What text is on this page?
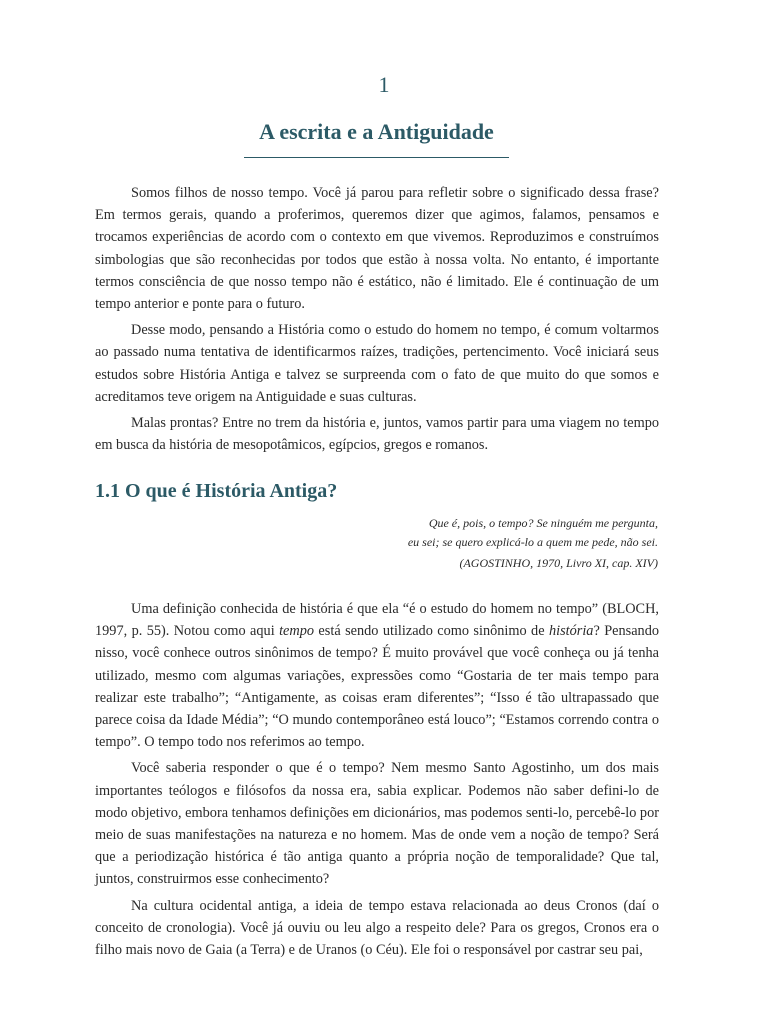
1
A escrita e a Antiguidade

Somos filhos de nosso tempo. Você já parou para refletir sobre o significado dessa frase? Em termos gerais, quando a proferimos, queremos dizer que agimos, falamos, pensamos e trocamos experiências de acordo com o contexto em que vivemos. Reproduzimos e construímos simbologias que são reconhecidas por todos que estão à nossa volta. No entanto, é importante termos consciência de que nosso tempo não é estático, não é limitado. Ele é continuação de um tempo anterior e ponte para o futuro.

Desse modo, pensando a História como o estudo do homem no tempo, é comum voltarmos ao passado numa tentativa de identificarmos raízes, tradições, pertencimento. Você iniciará seus estudos sobre História Antiga e talvez se surpreenda com o fato de que muito do que somos e acreditamos teve origem na Antiguidade e suas culturas.

Malas prontas? Entre no trem da história e, juntos, vamos partir para uma viagem no tempo em busca da história de mesopotâmicos, egípcios, gregos e romanos.

1.1 O que é História Antiga?
Que é, pois, o tempo? Se ninguém me pergunta,
eu sei; se quero explicá-lo a quem me pede, não sei.
(AGOSTINHO, 1970, Livro XI, cap. XIV)

Uma definição conhecida de história é que ela “é o estudo do homem no tempo” (BLOCH, 1997, p. 55). Notou como aqui tempo está sendo utilizado como sinônimo de história? Pensando nisso, você conhece outros sinônimos de tempo? É muito provável que você conheça ou já tenha utilizado, mesmo com algumas variações, expressões como “Gostaria de ter mais tempo para realizar este trabalho”; “Antigamente, as coisas eram diferentes”; “Isso é tão ultrapassado que parece coisa da Idade Média”; “O mundo contemporâneo está louco”; “Estamos correndo contra o tempo”. O tempo todo nos referimos ao tempo.

Você saberia responder o que é o tempo? Nem mesmo Santo Agostinho, um dos mais importantes teólogos e filósofos da nossa era, sabia explicar. Podemos não saber defini-lo de modo objetivo, embora tenhamos definições em dicionários, mas podemos senti-lo, percebê-lo por meio de suas manifestações na natureza e no homem. Mas de onde vem a noção de tempo? Será que a periodização histórica é tão antiga quanto a própria noção de temporalidade? Que tal, juntos, construirmos esse conhecimento?

Na cultura ocidental antiga, a ideia de tempo estava relacionada ao deus Cronos (daí o conceito de cronologia). Você já ouviu ou leu algo a respeito dele? Para os gregos, Cronos era o filho mais novo de Gaia (a Terra) e de Uranos (o Céu). Ele foi o responsável por castrar seu pai,
